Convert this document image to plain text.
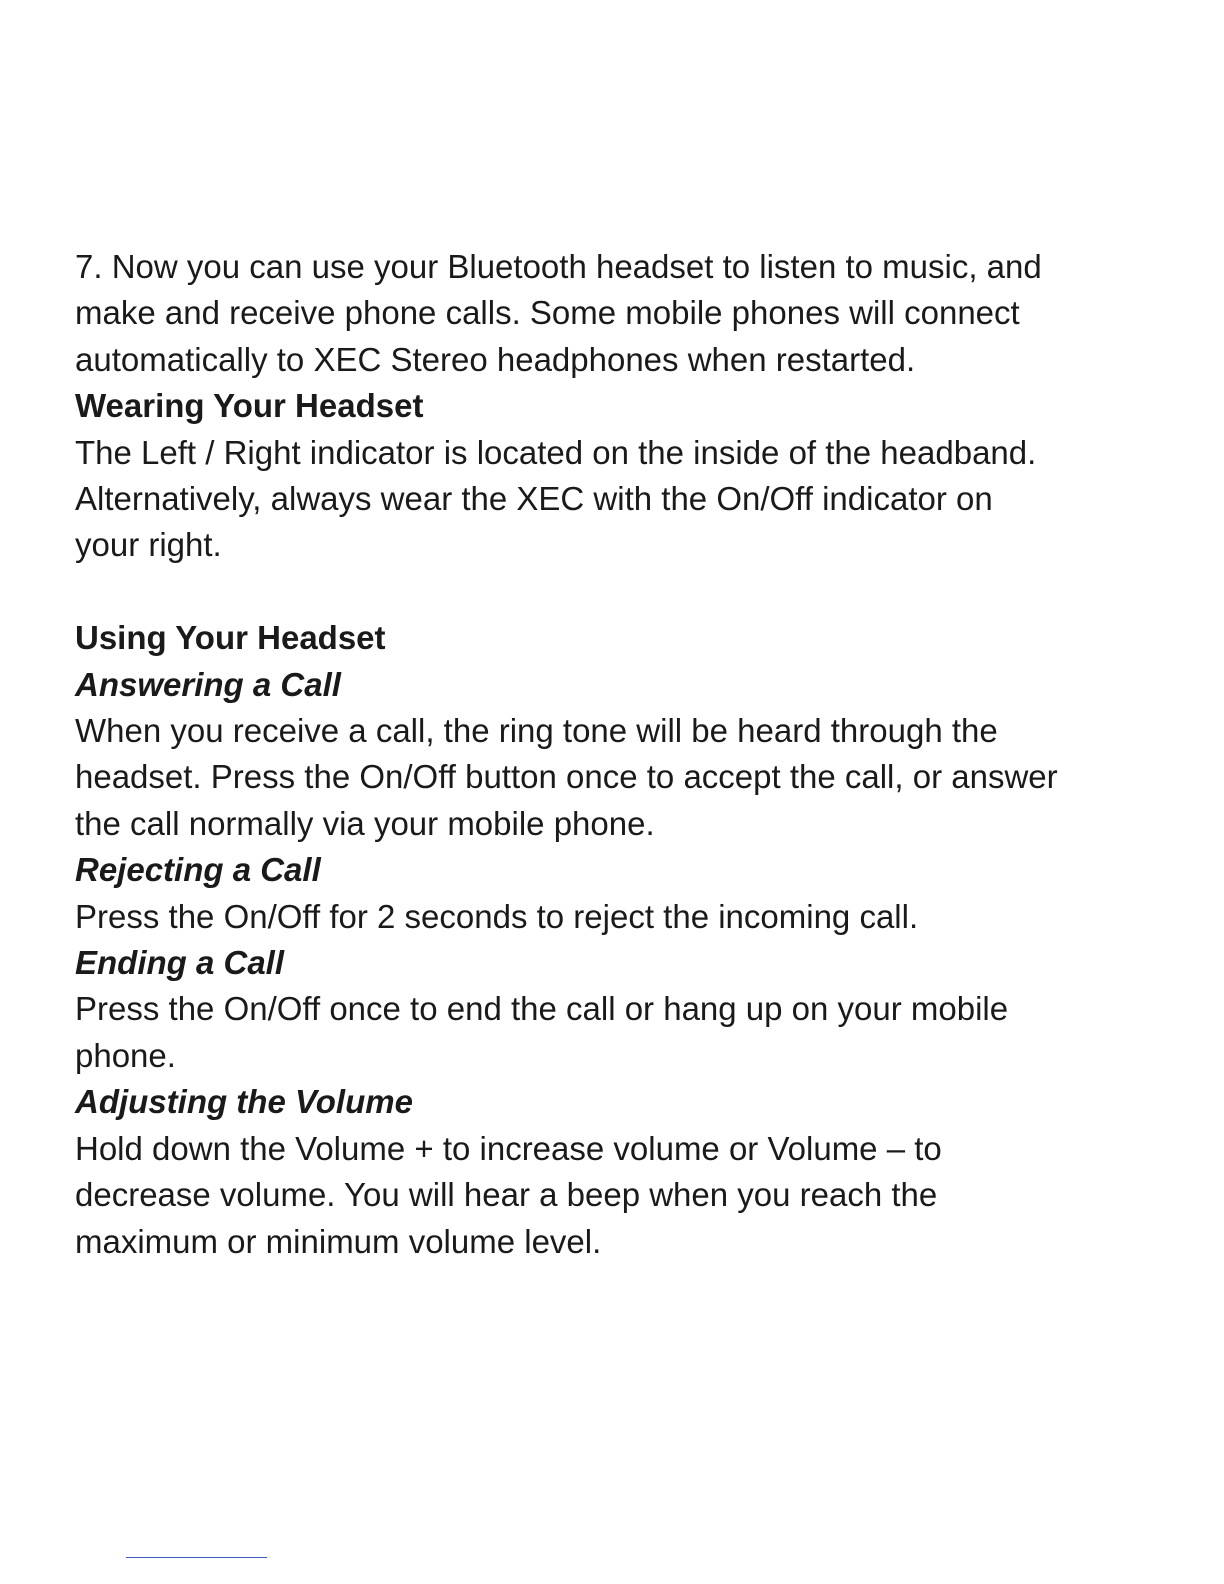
7. Now you can use your Bluetooth headset to listen to music, and

make and receive phone calls. Some mobile phones will connect

automatically to XEC Stereo headphones when restarted.

Wearing Your Headset

The Left / Right indicator is located on the inside of the headband.

Alternatively, always wear the XEC with the On/Off indicator on

your right.

Using Your Headset

Answering a Call

When you receive a call, the ring tone will be heard through the

headset. Press the On/Off button once to accept the call, or answer

the call normally via your mobile phone.

Rejecting a Call

Press the On/Off for 2 seconds to reject the incoming call.

Ending a Call

Press the On/Off once to end the call or hang up on your mobile

phone.

Adjusting the Volume

Hold down the Volume + to increase volume or Volume – to

decrease volume. You will hear a beep when you reach the

maximum or minimum volume level.
